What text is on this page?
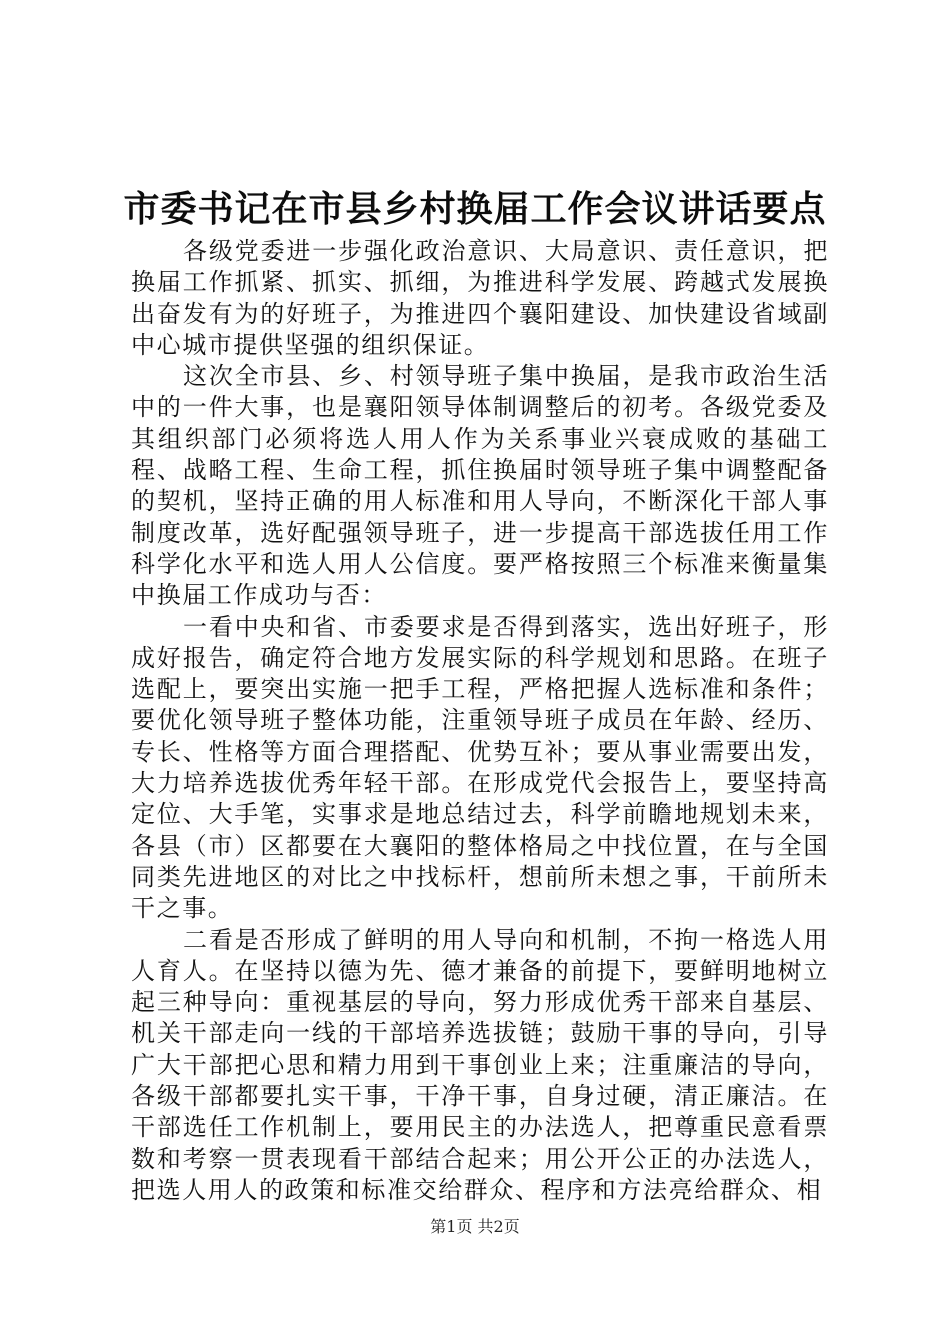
市委书记在市县乡村换届工作会议讲话要点

各级党委进一步强化政治意识、大局意识、责任意识，把换届工作抓紧、抓实、抓细，为推进科学发展、跨越式发展换出奋发有为的好班子，为推进四个襄阳建设、加快建设省域副中心城市提供坚强的组织保证。

这次全市县、乡、村领导班子集中换届，是我市政治生活中的一件大事，也是襄阳领导体制调整后的初考。各级党委及其组织部门必须将选人用人作为关系事业兴衰成败的基础工程、战略工程、生命工程，抓住换届时领导班子集中调整配备的契机，坚持正确的用人标准和用人导向，不断深化干部人事制度改革，选好配强领导班子，进一步提高干部选拔任用工作科学化水平和选人用人公信度。要严格按照三个标准来衡量集中换届工作成功与否：

一看中央和省、市委要求是否得到落实，选出好班子，形成好报告，确定符合地方发展实际的科学规划和思路。在班子选配上，要突出实施一把手工程，严格把握人选标准和条件；要优化领导班子整体功能，注重领导班子成员在年龄、经历、专长、性格等方面合理搭配、优势互补；要从事业需要出发，大力培养选拔优秀年轻干部。在形成党代会报告上，要坚持高定位、大手笔，实事求是地总结过去，科学前瞻地规划未来，各县（市）区都要在大襄阳的整体格局之中找位置，在与全国同类先进地区的对比之中找标杆，想前所未想之事，干前所未干之事。

二看是否形成了鲜明的用人导向和机制，不拘一格选人用人育人。在坚持以德为先、德才兼备的前提下，要鲜明地树立起三种导向：重视基层的导向，努力形成优秀干部来自基层、机关干部走向一线的干部培养选拔链；鼓励干事的导向，引导广大干部把心思和精力用到干事创业上来；注重廉洁的导向，各级干部都要扎实干事，干净干事，自身过硬，清正廉洁。在干部选任工作机制上，要用民主的办法选人，把尊重民意看票数和考察一贯表现看干部结合起来；用公开公正的办法选人，把选人用人的政策和标准交给群众、程序和方法亮给群众、相

第1页 共2页
